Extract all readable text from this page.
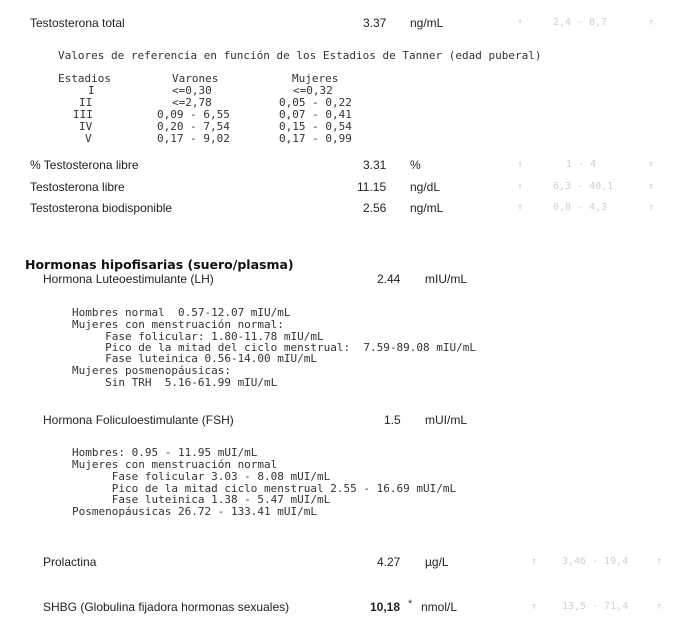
Testosterona total	3.37 ng/mL	↑	2,4 - 8,7	↑
Valores de referencia en función de los Estadios de Tanner (edad puberal)
Estadios	Varones	Mujeres
I	<=0,30	<=0,32
II	<=2,78	0,05 - 0,22
III	0,09 - 6,55	0,07 - 0,41
IV	0,20 - 7,54	0,15 - 0,54
V	0,17 - 9,02	0,17 - 0,99
% Testosterona libre	3.31 %	↑	1 - 4	↑
Testosterona libre	11.15 ng/dL	↑	6,3 - 40,1	↑
Testosterona biodisponible	2.56 ng/mL	↑	0,8 - 4,3	↑
Hormonas hipofisarias (suero/plasma)
Hormona Luteoestimulante (LH)	2.44 mIU/mL
Hombres normal  0.57-12.07 mIU/mL
Mujeres con menstruación normal:
Fase folicular: 1.80-11.78 mIU/mL
Pico de la mitad del ciclo menstrual:  7.59-89.08 mIU/mL
Fase luteinica 0.56-14.00 mIU/mL
Mujeres posmenopáusicas:
Sin TRH  5.16-61.99 mIU/mL
Hormona Foliculoestimulante (FSH)	1.5 mUI/mL
Hombres: 0.95 - 11.95 mUI/mL
Mujeres con menstruación normal
Fase folicular 3.03 - 8.08 mUI/mL
Pico de la mitad ciclo menstrual 2.55 - 16.69 mUI/mL
Fase luteinica 1.38 - 5.47 mUI/mL
Posmenopáusicas 26.72 - 133.41 mUI/mL
Prolactina	4.27 µg/L	↑ 3,46 - 19,4	↑
SHBG (Globulina fijadora hormonas sexuales)	10,18 * nmol/L	↑ 13,5 - 71,4	↑
